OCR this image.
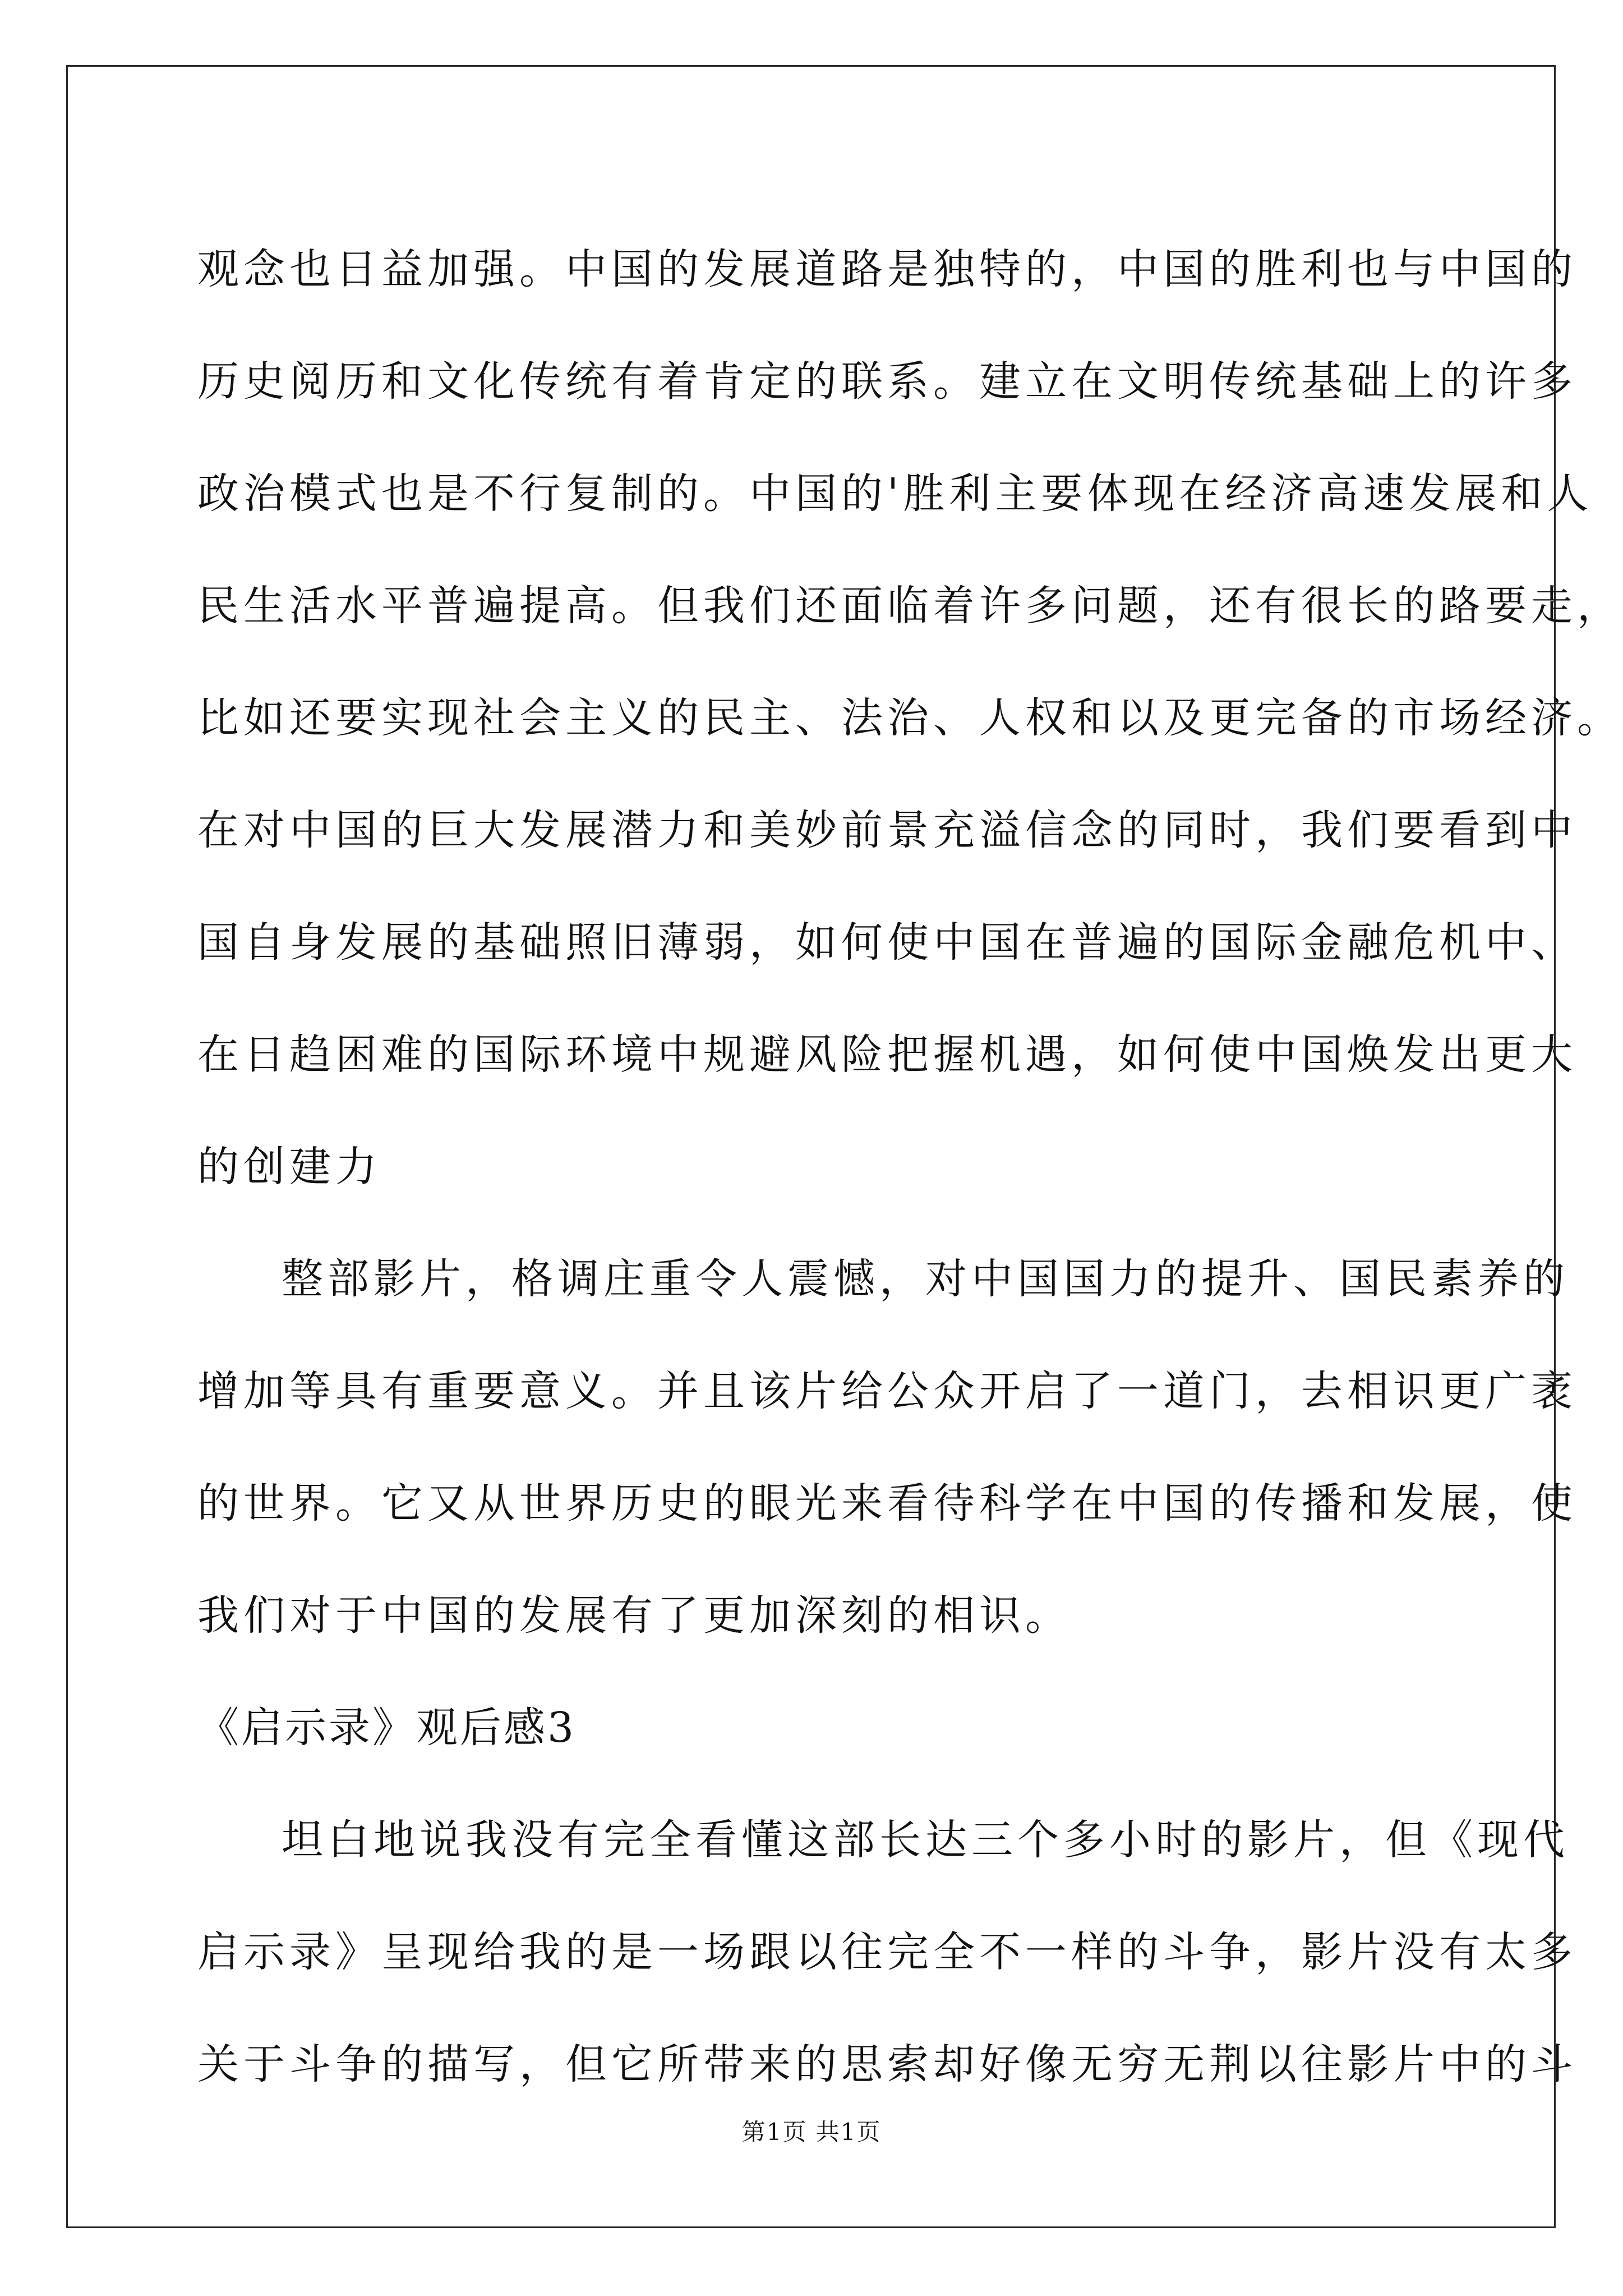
观念也日益加强。中国的发展道路是独特的，中国的胜利也与中国的
历史阅历和文化传统有着肯定的联系。建立在文明传统基础上的许多
政治模式也是不行复制的。中国的'胜利主要体现在经济高速发展和人
民生活水平普遍提高。但我们还面临着许多问题，还有很长的路要走，
比如还要实现社会主义的民主、法治、人权和以及更完备的市场经济。
在对中国的巨大发展潜力和美妙前景充溢信念的同时，我们要看到中
国自身发展的基础照旧薄弱，如何使中国在普遍的国际金融危机中、
在日趋困难的国际环境中规避风险把握机遇，如何使中国焕发出更大
的创建力
整部影片，格调庄重令人震憾，对中国国力的提升、国民素养的
增加等具有重要意义。并且该片给公众开启了一道门，去相识更广袤
的世界。它又从世界历史的眼光来看待科学在中国的传播和发展，使
我们对于中国的发展有了更加深刻的相识。
《启示录》观后感3
坦白地说我没有完全看懂这部长达三个多小时的影片，但《现代
启示录》呈现给我的是一场跟以往完全不一样的斗争，影片没有太多
关于斗争的描写，但它所带来的思索却好像无穷无荆以往影片中的斗
第1页 共1页
